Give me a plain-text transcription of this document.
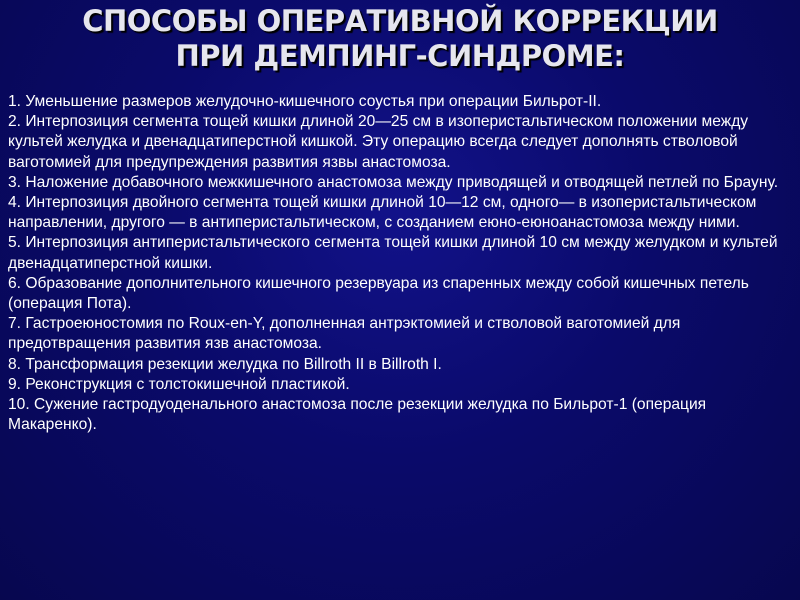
СПОСОБЫ ОПЕРАТИВНОЙ КОРРЕКЦИИ
ПРИ ДЕМПИНГ-СИНДРОМЕ:

1. Уменьшение размеров желудочно-кишечного соустья при операции Бильрот-II.

2. Интерпозиция сегмента тощей кишки длиной 20—25 см в изоперистальтическом положении между культей желудка и двенадцатиперстной кишкой. Эту операцию всегда следует дополнять стволовой ваготомией для предупреждения развития язвы анастомоза.

3. Наложение добавочного межкишечного анастомоза между приводящей и отводящей петлей по Брауну.

4. Интерпозиция двойного сегмента тощей кишки длиной 10—12 см, одного— в изоперистальтическом направлении, другого — в антиперистальтическом, с созданием еюно-еюноанастомоза между ними.

5. Интерпозиция антиперистальтического сегмента тощей кишки длиной 10 см между желудком и культей двенадцатиперстной кишки.

6. Образование дополнительного кишечного резервуара из спаренных между собой кишечных петель (операция Пота).

7. Гастроеюностомия по Roux-en-Y, дополненная антрэктомией и стволовой ваготомией для предотвращения развития язв анастомоза.

8. Трансформация резекции желудка по Billroth II в Billroth I.

9. Реконструкция с толстокишечной пластикой.

10. Сужение гастродуоденального анастомоза после резекции желудка по Бильрот-1 (операция Макаренко).
